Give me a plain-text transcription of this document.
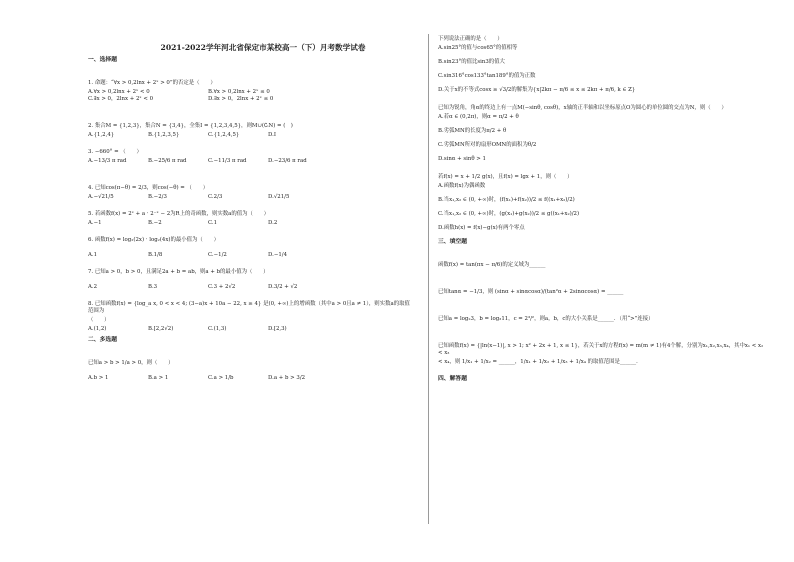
2021-2022学年河北省保定市某校高一（下）月考数学试卷
一、选择题
1. 命题：“∀x > 0,2lnx + 2ˣ > 0”的否定是（　　）
A.∀x > 0,2lnx + 2ˣ < 0	B.∀x > 0,2lnx + 2ˣ ≤ 0
C.∃x > 0，2lnx + 2ˣ < 0	D.∃x > 0，2lnx + 2ˣ ≤ 0
2. 集合M = {1,2,3}，集合N = {3,4}，全集I = {1,2,3,4,5}，则M∪(∁ᵢN) = (　)
A.{1,2,4}	B.{1,2,3,5}	C.{1,2,4,5}	D.I
3. −660° = （　　）
A.−13/3 π rad	B.−25/6 π rad	C.−11/3 π rad	D.−23/6 π rad
4. 已知cos(π−θ) = 2/3，则cos(−θ) = （　　）
A.−√21/5	B.−2/3	C.2/3	D.√21/5
5. 若函数f(x) = 2ˣ + a · 2⁻ˣ − 2为R上的奇函数，则实数a的值为（　　）
A.−1	B.−2	C.1	D.2
6. 函数f(x) = log₂(2x) · log₂(4x)的最小值为（　　）
A.1	B.1/8	C.−1/2	D.−1/4
7. 已知a > 0，b > 0，且满足2a + b = ab，则a + b的最小值为（　　）
A.2	B.3	C.3 + 2√2	D.3/2 + √2
8. 已知函数f(x) = {log_a x, 0 < x < 4; (3−a)x + 10a − 22, x ≥ 4} 是(0, +∞)上的增函数（其中a > 0且a ≠ 1），则实数a的取值范围为
（　　）
A.(1,2)	B.[2,2√2)	C.(1,3)	D.[2,3)
二、多选题
已知a > b > 1/a > 0，则（　　）
A.b > 1	B.a > 1	C.a > 1/b	D.a + b > 3/2
下列说法正确的是（　　）
A.sin25°的值与cos65°的值相等
B.sin23°的值比sin3的值大
C.sin316°cos133°tan189°的值为正数
D.关于x的不等式cosx ≥ √3/2的解集为{x|2kπ − π/6 ≤ x ≤ 2kπ + π/6, k ∈ Z}
已知为锐角，角α的终边上有一点M(−sinθ, cosθ)，x轴的正半轴和以坐标原点O为圆心的单位圆的交点为N，则（　　）
A.若α ∈ (0,2π)，则α = π/2 + θ
B.劣弧MN的长度为π/2 + θ
C.劣弧MN所对的扇形OMN的面积为θ/2
D.sinα + sinθ > 1
若f(x) = x + 1/2 g(x)，且f(x) = lgx + 1，则（　　）
A.函数f(x)为偶函数
B.当x₁,x₂ ∈ (0, +∞)时，(f(x₁)+f(x₂))/2 ≤ f((x₁+x₂)/2)
C.当x₁,x₂ ∈ (0, +∞)时，(g(x₁)+g(x₂))/2 ≤ g((x₁+x₂)/2)
D.函数h(x) = f(x)−g(x)有两个零点
三、填空题
函数f(x) = tan(πx − π/6)的定义域为______
已知tanα = −1/3，则 (sinα + sinαcosα)/(tan²α + 2sinαcosα) = ______
已知a = log₂3，b = log₃11，c = 2³/²，则a，b，c的大小关系是______．（用“>”连接）
已知函数f(x) = {|ln(x−1)|, x > 1; x² + 2x + 1, x ≤ 1}，若关于x的方程f(x) = m(m ≠ 1)有4个解，分别为x₁,x₂,x₃,x₄，其中x₁ < x₂ < x₃
< x₄，则 1/x₁ + 1/x₂ = ______，1/x₁ + 1/x₂ + 1/x₃ + 1/x₄ 的取值范围是______．
四、解答题
